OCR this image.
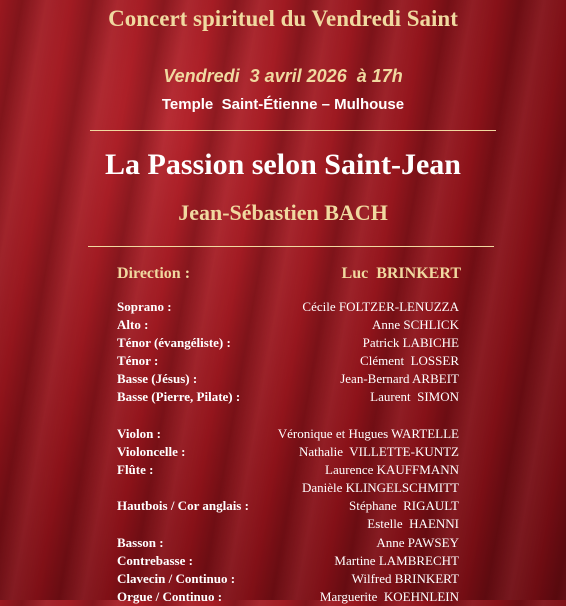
Concert spirituel du Vendredi Saint
Vendredi  3 avril 2026  à 17h
Temple  Saint-Étienne – Mulhouse
La Passion selon Saint-Jean
Jean-Sébastien BACH
Direction :	Luc  BRINKERT
Soprano :	Cécile FOLTZER-LENUZZA
Alto :	Anne SCHLICK
Ténor (évangéliste) :	Patrick LABICHE
Ténor :	Clément  LOSSER
Basse (Jésus) :	Jean-Bernard ARBEIT
Basse (Pierre, Pilate) :	Laurent  SIMON
Violon :	Véronique et Hugues WARTELLE
Violoncelle :	Nathalie  VILLETTE-KUNTZ
Flûte :	Laurence KAUFFMANN
Danièle KLINGELSCHMITT
Hautbois / Cor anglais :	Stéphane  RIGAULT
Estelle  HAENNI
Basson :	Anne PAWSEY
Contrebasse :	Martine LAMBRECHT
Clavecin / Continuo :	Wilfred BRINKERT
Orgue / Continuo :	Marguerite  KOEHNLEIN
